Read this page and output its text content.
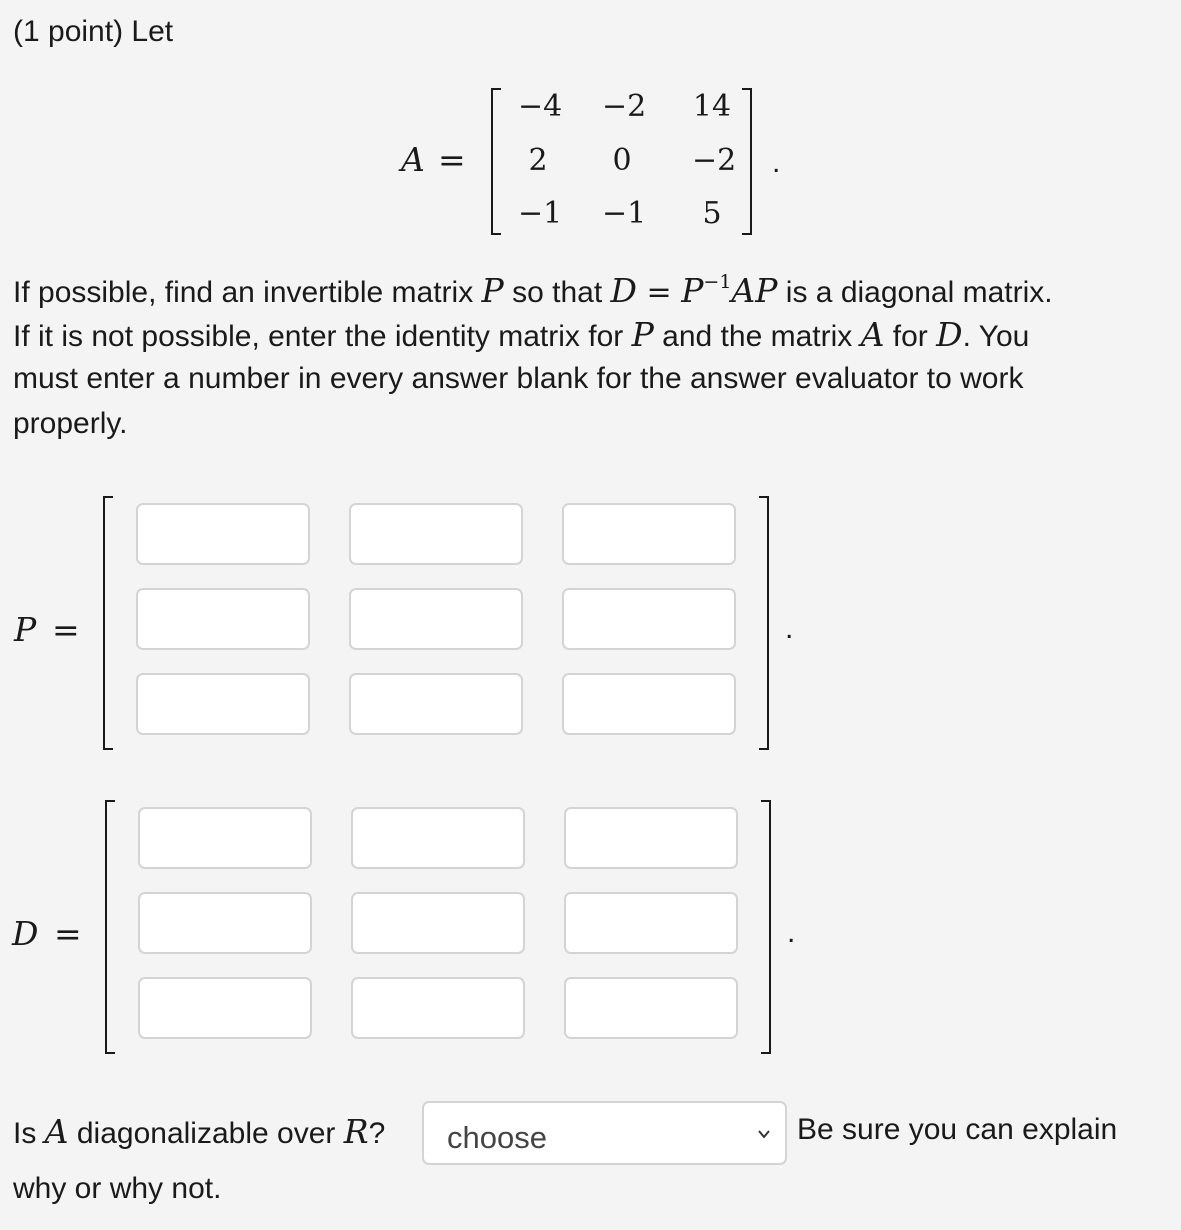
(1 point) Let
A =
−4 −2 14
2	0	−2
−1 −1	5
.
If possible, find an invertible matrix P so that $D = P^{-1}AP$ is a diagonal matrix.
If it is not possible, enter the identity matrix for P and the matrix A for D. You
must enter a number in every answer blank for the answer evaluator to work
properly.
P =	.
D =	.
Is A diagonalizable over R? choose	Be sure you can explain
why or why not.
